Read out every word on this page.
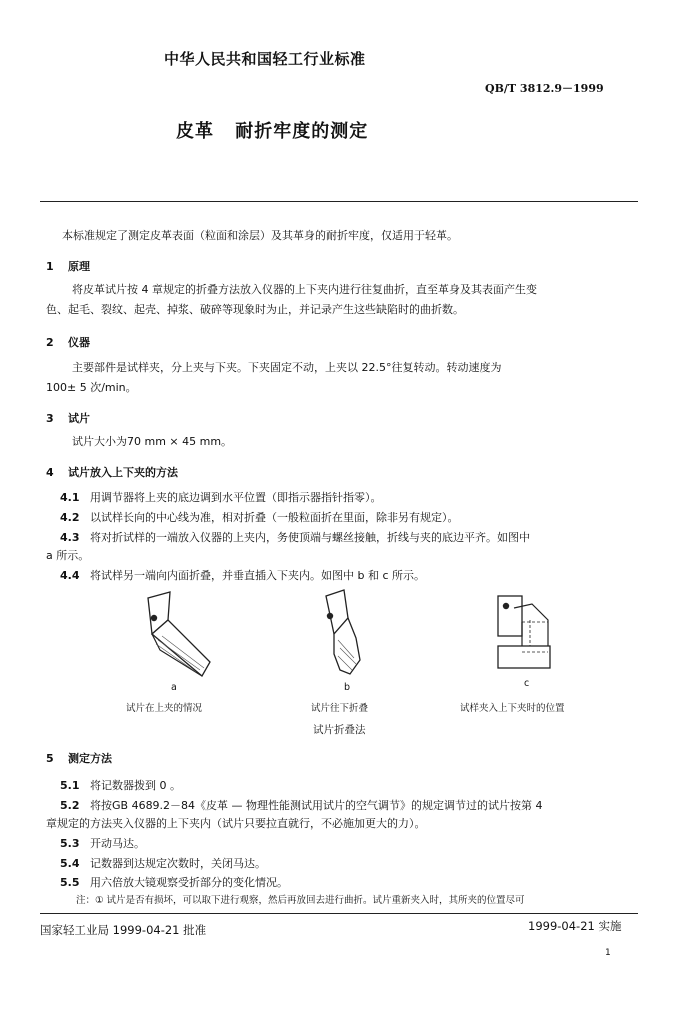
中华人民共和国轻工行业标准
QB/T 3812.9－1999
皮革 耐折牢度的测定
本标准规定了测定皮革表面（粒面和涂层）及其革身的耐折牢度，仅适用于轻革。
1 原理
将皮革试片按 4 章规定的折叠方法放入仪器的上下夹内进行往复曲折，直至革身及其表面产生变
色、起毛、裂纹、起壳、掉浆、破碎等现象时为止，并记录产生这些缺陷时的曲折数。
2 仪器
主要部件是试样夹，分上夹与下夹。下夹固定不动，上夹以 22.5°往复转动。转动速度为
100± 5 次/min。
3 试片
试片大小为70 mm × 45 mm。
4 试片放入上下夹的方法
4.1 用调节器将上夹的底边调到水平位置（即指示器指针指零）。
4.2 以试样长向的中心线为准，相对折叠（一般粒面折在里面，除非另有规定）。
4.3 将对折试样的一端放入仪器的上夹内，务使顶端与螺丝接触，折线与夹的底边平齐。如图中
a 所示。
4.4 将试样另一端向内面折叠，并垂直插入下夹内。如图中 b 和 c 所示。
a
试片在上夹的情况
b
试片往下折叠
c
试样夹入上下夹时的位置
试片折叠法
5 测定方法
5.1 将记数器拨到 0 。
5.2 将按GB 4689.2－84《皮革 — 物理性能测试用试片的空气调节》的规定调节过的试片按第 4
章规定的方法夹入仪器的上下夹内（试片只要拉直就行，不必施加更大的力）。
5.3 开动马达。
5.4 记数器到达规定次数时，关闭马达。
5.5 用六倍放大镜观察受折部分的变化情况。
注：① 试片是否有损坏，可以取下进行观察，然后再放回去进行曲折。试片重新夹入时，其所夹的位置尽可
国家轻工业局 1999-04-21 批准	1999-04-21 实施
1
